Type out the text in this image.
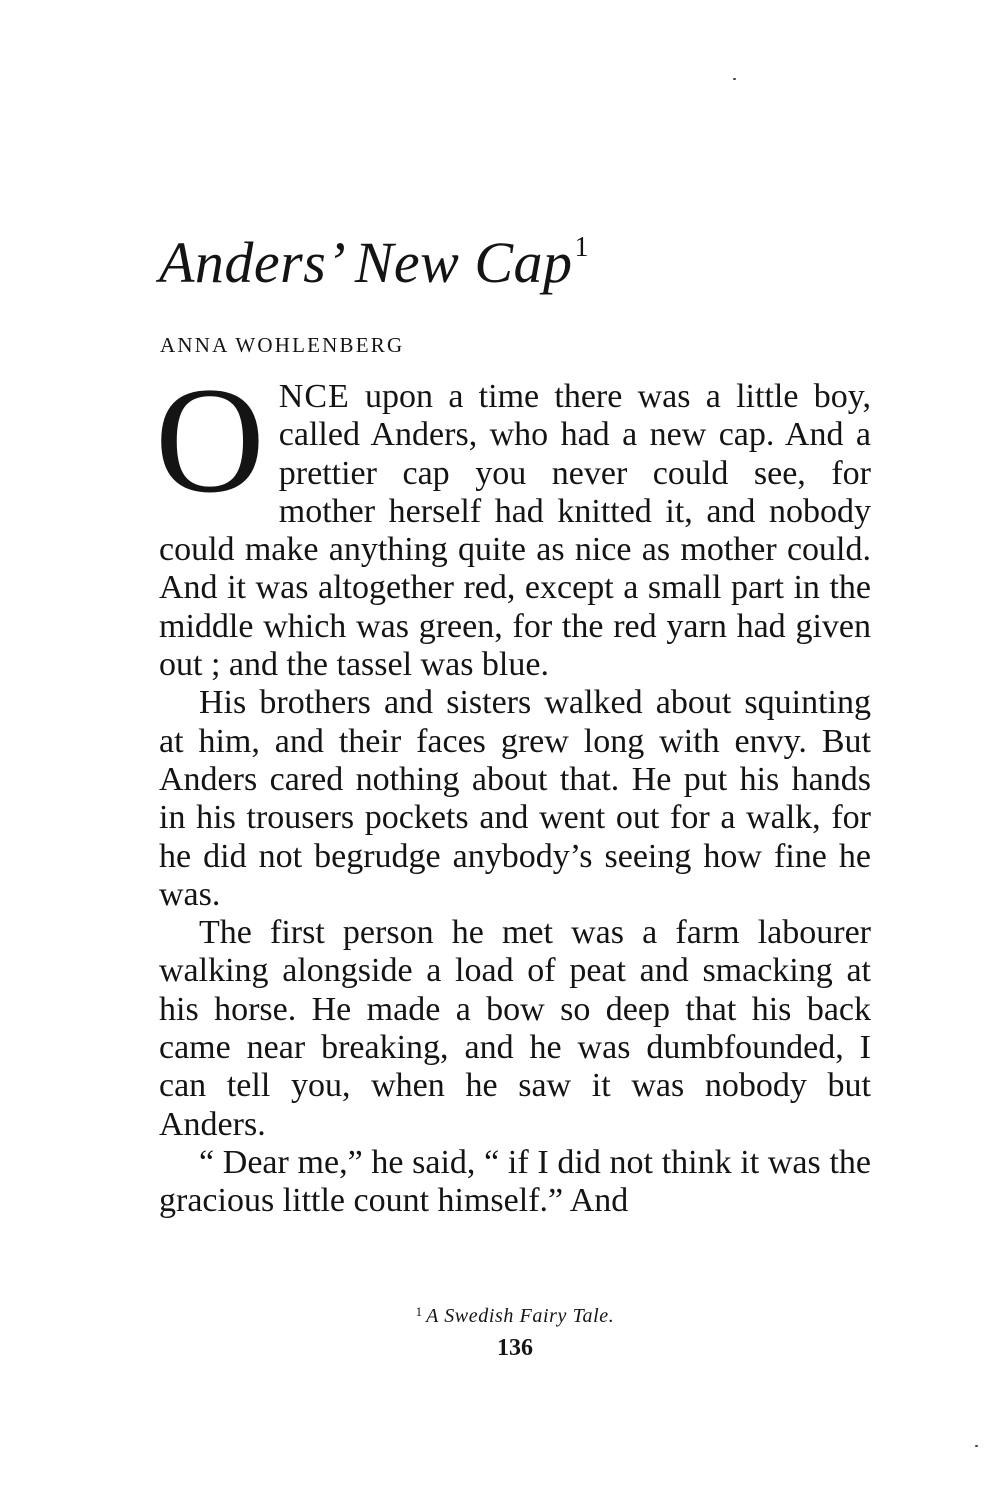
Anders’ New Cap1
ANNA WOHLENBERG

ONCE upon a time there was a little boy, called Anders, who had a new cap. And a prettier cap you never could see, for mother herself had knitted it, and nobody could make anything quite as nice as mother could. And it was altogether red, except a small part in the middle which was green, for the red yarn had given out ; and the tassel was blue.

His brothers and sisters walked about squinting at him, and their faces grew long with envy. But Anders cared nothing about that. He put his hands in his trousers pockets and went out for a walk, for he did not begrudge anybody’s seeing how fine he was.

The first person he met was a farm labourer walking alongside a load of peat and smacking at his horse. He made a bow so deep that his back came near breaking, and he was dumbfounded, I can tell you, when he saw it was nobody but Anders.

“ Dear me,” he said, “ if I did not think it was the gracious little count himself.” And

$^1$ A Swedish Fairy Tale.
136
